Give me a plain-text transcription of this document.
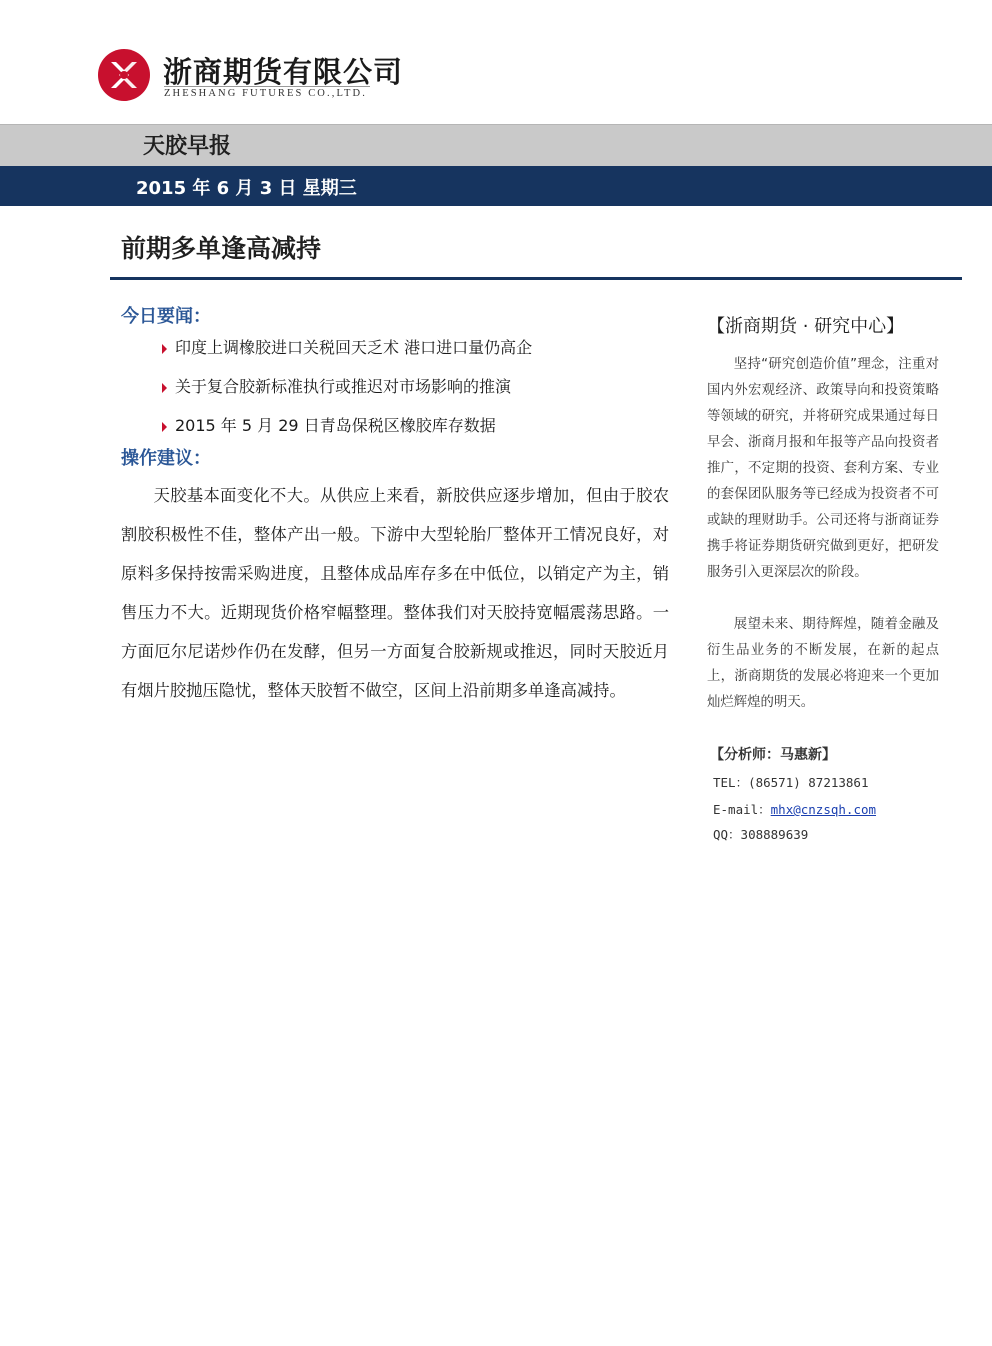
浙商期货有限公司
ZHESHANG FUTURES CO.,LTD.
天胶早报
2015 年 6 月 3 日 星期三
前期多单逢高减持
今日要闻：
印度上调橡胶进口关税回天乏术 港口进口量仍高企
关于复合胶新标准执行或推迟对市场影响的推演
2015 年 5 月 29 日青岛保税区橡胶库存数据
操作建议：

天胶基本面变化不大。从供应上来看，新胶供应逐步增加，但由于胶农割胶积极性不佳，整体产出一般。下游中大型轮胎厂整体开工情况良好，对原料多保持按需采购进度，且整体成品库存多在中低位，以销定产为主，销售压力不大。近期现货价格窄幅整理。整体我们对天胶持宽幅震荡思路。一方面厄尔尼诺炒作仍在发酵，但另一方面复合胶新规或推迟，同时天胶近月有烟片胶抛压隐忧，整体天胶暂不做空，区间上沿前期多单逢高减持。

【浙商期货 · 研究中心】

坚持“研究创造价值”理念，注重对国内外宏观经济、政策导向和投资策略等领域的研究，并将研究成果通过每日早会、浙商月报和年报等产品向投资者推广，不定期的投资、套利方案、专业的套保团队服务等已经成为投资者不可或缺的理财助手。公司还将与浙商证券携手将证券期货研究做到更好，把研发服务引入更深层次的阶段。

展望未来、期待辉煌，随着金融及衍生品业务的不断发展，在新的起点上，浙商期货的发展必将迎来一个更加灿烂辉煌的明天。

【分析师：马惠新】
TEL：(86571) 87213861
E-mail：mhx@cnzsqh.com
QQ：308889639
